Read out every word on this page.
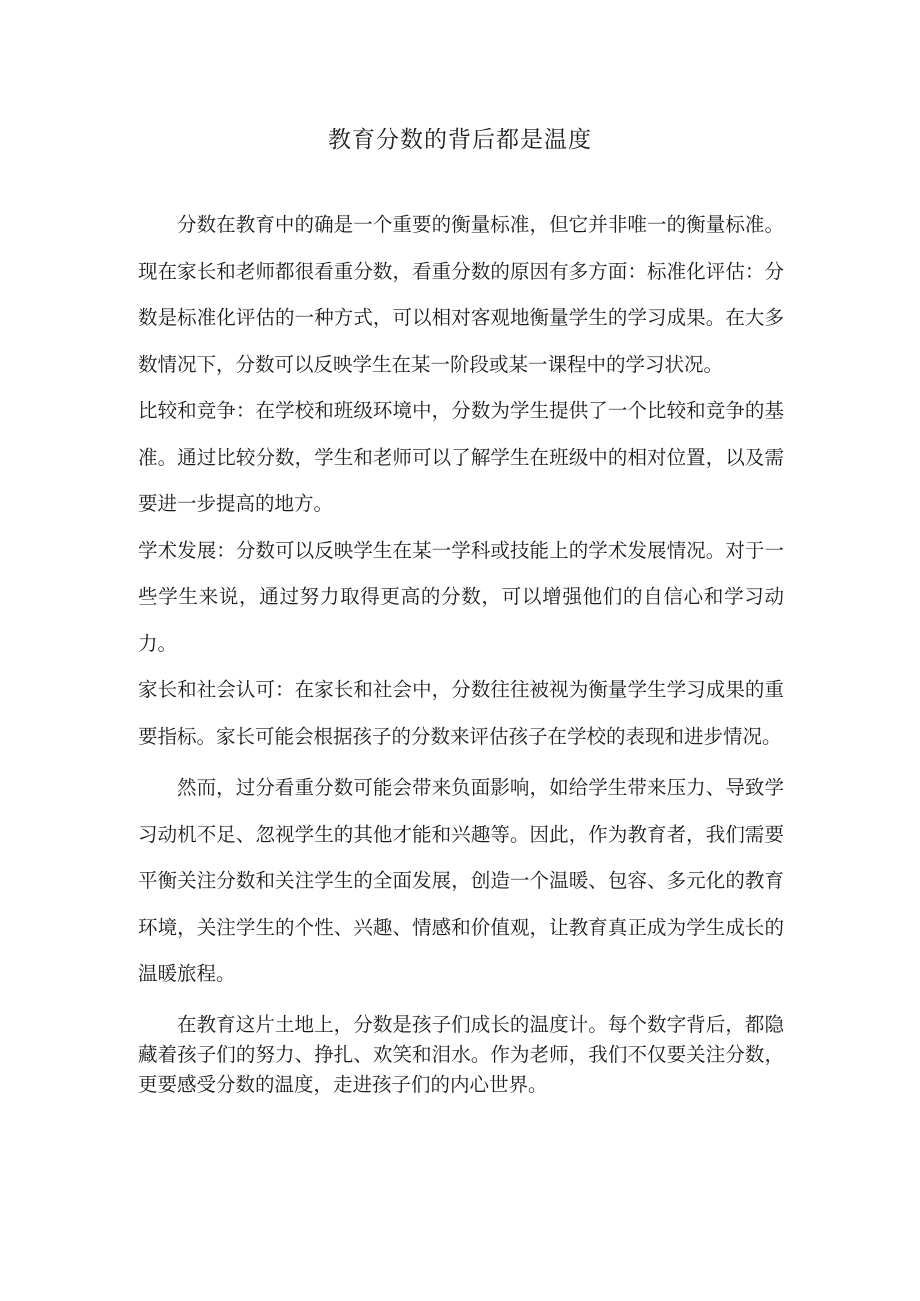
教育分数的背后都是温度

分数在教育中的确是一个重要的衡量标准，但它并非唯一的衡量标准。现在家长和老师都很看重分数，看重分数的原因有多方面：标准化评估：分数是标准化评估的一种方式，可以相对客观地衡量学生的学习成果。在大多数情况下，分数可以反映学生在某一阶段或某一课程中的学习状况。

比较和竞争：在学校和班级环境中，分数为学生提供了一个比较和竞争的基准。通过比较分数，学生和老师可以了解学生在班级中的相对位置，以及需要进一步提高的地方。

学术发展：分数可以反映学生在某一学科或技能上的学术发展情况。对于一些学生来说，通过努力取得更高的分数，可以增强他们的自信心和学习动力。

家长和社会认可：在家长和社会中，分数往往被视为衡量学生学习成果的重要指标。家长可能会根据孩子的分数来评估孩子在学校的表现和进步情况。

然而，过分看重分数可能会带来负面影响，如给学生带来压力、导致学习动机不足、忽视学生的其他才能和兴趣等。因此，作为教育者，我们需要平衡关注分数和关注学生的全面发展，创造一个温暖、包容、多元化的教育环境，关注学生的个性、兴趣、情感和价值观，让教育真正成为学生成长的温暖旅程。

在教育这片土地上，分数是孩子们成长的温度计。每个数字背后，都隐藏着孩子们的努力、挣扎、欢笑和泪水。作为老师，我们不仅要关注分数，更要感受分数的温度，走进孩子们的内心世界。
